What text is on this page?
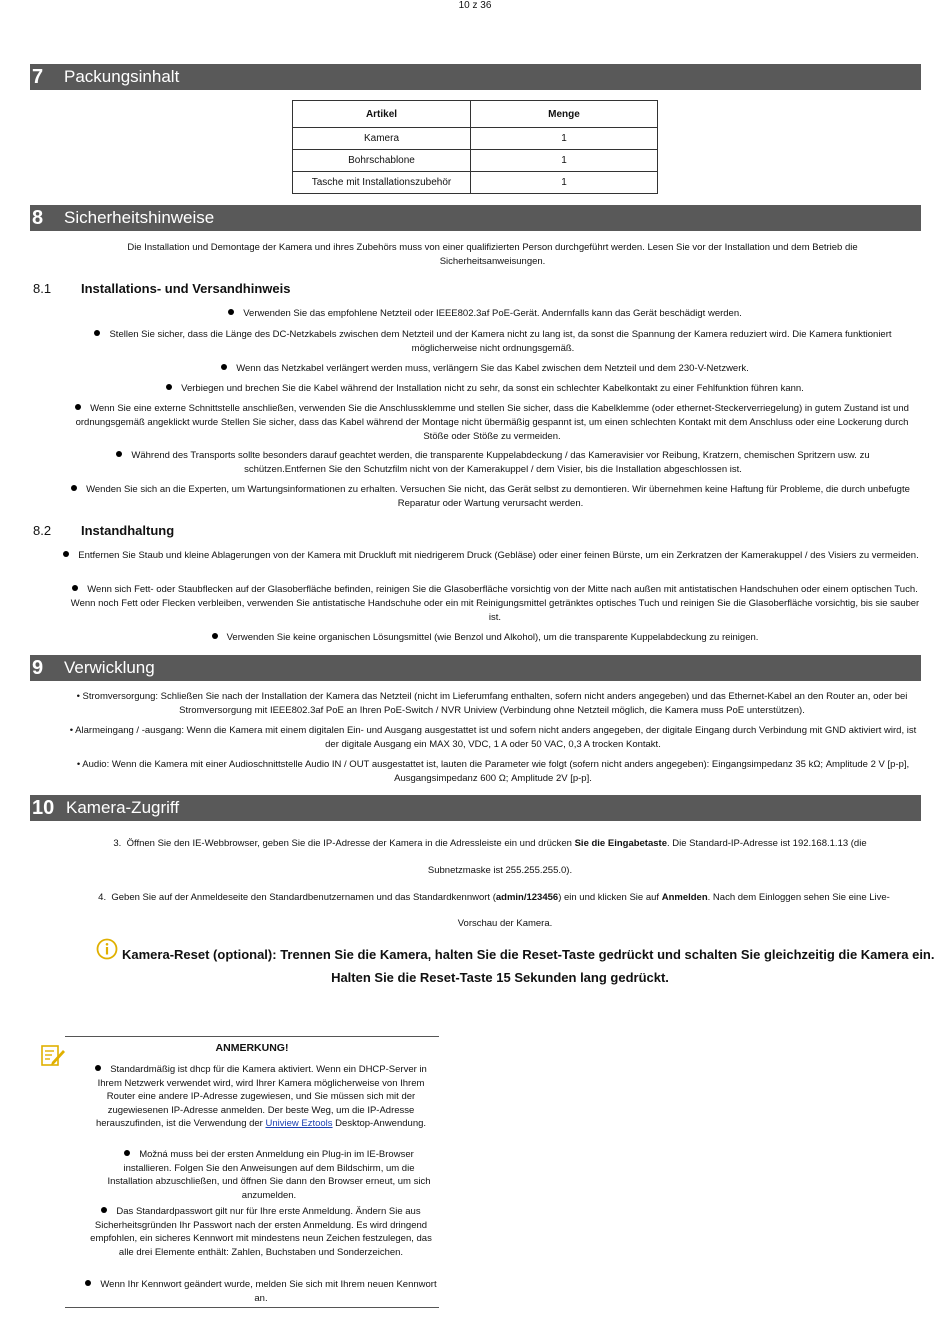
10 z 36
7	Packungsinhalt
Artikel	Menge
Kamera	1
Bohrschablone	1
Tasche mit Installationszubehör	1
8	Sicherheitshinweise
Die Installation und Demontage der Kamera und ihres Zubehörs muss von einer qualifizierten Person durchgeführt werden. Lesen Sie vor der Installation und dem Betrieb die Sicherheitsanweisungen.
8.1 Installations- und Versandhinweis
Verwenden Sie das empfohlene Netzteil oder IEEE802.3af PoE-Gerät. Andernfalls kann das Gerät beschädigt werden.
Stellen Sie sicher, dass die Länge des DC-Netzkabels zwischen dem Netzteil und der Kamera nicht zu lang ist, da sonst die Spannung der Kamera reduziert wird. Die Kamera funktioniert möglicherweise nicht ordnungsgemäß.
Wenn das Netzkabel verlängert werden muss, verlängern Sie das Kabel zwischen dem Netzteil und dem 230-V-Netzwerk.
Verbiegen und brechen Sie die Kabel während der Installation nicht zu sehr, da sonst ein schlechter Kabelkontakt zu einer Fehlfunktion führen kann.
Wenn Sie eine externe Schnittstelle anschließen, verwenden Sie die Anschlussklemme und stellen Sie sicher, dass die Kabelklemme (oder ethernet-Steckerverriegelung) in gutem Zustand ist und ordnungsgemäß angeklickt wurde Stellen Sie sicher, dass das Kabel während der Montage nicht übermäßig gespannt ist, um einen schlechten Kontakt mit dem Anschluss oder eine Lockerung durch Stöße oder Stöße zu vermeiden.
Während des Transports sollte besonders darauf geachtet werden, die transparente Kuppelabdeckung / das Kameravisier vor Reibung, Kratzern, chemischen Spritzern usw. zu schützen.Entfernen Sie den Schutzfilm nicht von der Kamerakuppel / dem Visier, bis die Installation abgeschlossen ist.
Wenden Sie sich an die Experten, um Wartungsinformationen zu erhalten. Versuchen Sie nicht, das Gerät selbst zu demontieren. Wir übernehmen keine Haftung für Probleme, die durch unbefugte Reparatur oder Wartung verursacht werden.
8.2 Instandhaltung
Entfernen Sie Staub und kleine Ablagerungen von der Kamera mit Druckluft mit niedrigerem Druck (Gebläse) oder einer feinen Bürste, um ein Zerkratzen der Kamerakuppel / des Visiers zu vermeiden.
Wenn sich Fett- oder Staubflecken auf der Glasoberfläche befinden, reinigen Sie die Glasoberfläche vorsichtig von der Mitte nach außen mit antistatischen Handschuhen oder einem optischen Tuch. Wenn noch Fett oder Flecken verbleiben, verwenden Sie antistatische Handschuhe oder ein mit Reinigungsmittel getränktes optisches Tuch und reinigen Sie die Glasoberfläche vorsichtig, bis sie sauber ist.
Verwenden Sie keine organischen Lösungsmittel (wie Benzol und Alkohol), um die transparente Kuppelabdeckung zu reinigen.
9	Verwicklung
• Stromversorgung: Schließen Sie nach der Installation der Kamera das Netzteil (nicht im Lieferumfang enthalten, sofern nicht anders angegeben) und das Ethernet-Kabel an den Router an, oder bei Stromversorgung mit IEEE802.3af PoE an Ihren PoE-Switch / NVR Uniview (Verbindung ohne Netzteil möglich, die Kamera muss PoE unterstützen).
• Alarmeingang / -ausgang: Wenn die Kamera mit einem digitalen Ein- und Ausgang ausgestattet ist und sofern nicht anders angegeben, der digitale Eingang durch Verbindung mit GND aktiviert wird, ist der digitale Ausgang ein MAX 30, VDC, 1 A oder 50 VAC, 0,3 A trocken Kontakt.
• Audio: Wenn die Kamera mit einer Audioschnittstelle Audio IN / OUT ausgestattet ist, lauten die Parameter wie folgt (sofern nicht anders angegeben): Eingangsimpedanz 35 kΩ; Amplitude 2 V [p-p], Ausgangsimpedanz 600 Ω; Amplitude 2V [p-p].
10 Kamera-Zugriff
3. Öffnen Sie den IE-Webbrowser, geben Sie die IP-Adresse der Kamera in die Adressleiste ein und drücken Sie die Eingabetaste. Die Standard-IP-Adresse ist 192.168.1.13 (die
Subnetzmaske ist 255.255.255.0).
4. Geben Sie auf der Anmeldeseite den Standardbenutzernamen und das Standardkennwort (admin/123456) ein und klicken Sie auf Anmelden. Nach dem Einloggen sehen Sie eine Live-
Vorschau der Kamera.
Kamera-Reset (optional): Trennen Sie die Kamera, halten Sie die Reset-Taste gedrückt und schalten Sie gleichzeitig die Kamera ein.
Halten Sie die Reset-Taste 15 Sekunden lang gedrückt.
ANMERKUNG!
Standardmäßig ist dhcp für die Kamera aktiviert. Wenn ein DHCP-Server in Ihrem Netzwerk verwendet wird, wird Ihrer Kamera möglicherweise von Ihrem Router eine andere IP-Adresse zugewiesen, und Sie müssen sich mit der zugewiesenen IP-Adresse anmelden. Der beste Weg, um die IP-Adresse herauszufinden, ist die Verwendung der Uniview Eztools Desktop-Anwendung.
Možná muss bei der ersten Anmeldung ein Plug-in im IE-Browser installieren. Folgen Sie den Anweisungen auf dem Bildschirm, um die Installation abzuschließen, und öffnen Sie dann den Browser erneut, um sich anzumelden.
Das Standardpasswort gilt nur für Ihre erste Anmeldung. Ändern Sie aus Sicherheitsgründen Ihr Passwort nach der ersten Anmeldung. Es wird dringend empfohlen, ein sicheres Kennwort mit mindestens neun Zeichen festzulegen, das alle drei Elemente enthält: Zahlen, Buchstaben und Sonderzeichen.
Wenn Ihr Kennwort geändert wurde, melden Sie sich mit Ihrem neuen Kennwort an.
